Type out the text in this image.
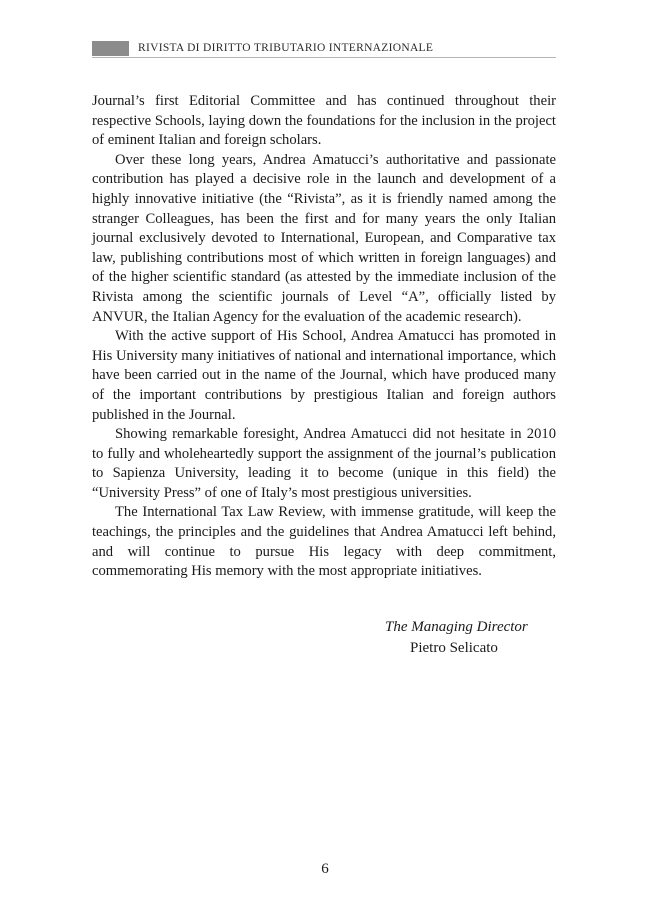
RIVISTA DI DIRITTO TRIBUTARIO INTERNAZIONALE

Journal’s first Editorial Committee and has continued throughout their respective Schools, laying down the foundations for the inclusion in the project of eminent Italian and foreign scholars.

Over these long years, Andrea Amatucci’s authoritative and passionate contribution has played a decisive role in the launch and development of a highly innovative initiative (the “Rivista”, as it is friendly named among the stranger Colleagues, has been the first and for many years the only Italian journal exclusively devoted to International, European, and Comparative tax law, publishing contributions most of which written in foreign languages) and of the higher scientific standard (as attested by the immediate inclusion of the Rivista among the scientific journals of Level “A”, officially listed by ANVUR, the Italian Agency for the evaluation of the academic research).

With the active support of His School, Andrea Amatucci has promoted in His University many initiatives of national and international importance, which have been carried out in the name of the Journal, which have produced many of the important contributions by prestigious Italian and foreign authors published in the Journal.

Showing remarkable foresight, Andrea Amatucci did not hesitate in 2010 to fully and wholeheartedly support the assignment of the journal’s publication to Sapienza University, leading it to become (unique in this field) the “University Press” of one of Italy’s most prestigious universities.

The International Tax Law Review, with immense gratitude, will keep the teachings, the principles and the guidelines that Andrea Amatucci left behind, and will continue to pursue His legacy with deep commitment, commemorating His memory with the most appropriate initiatives.

The Managing Director
Pietro Selicato
6
